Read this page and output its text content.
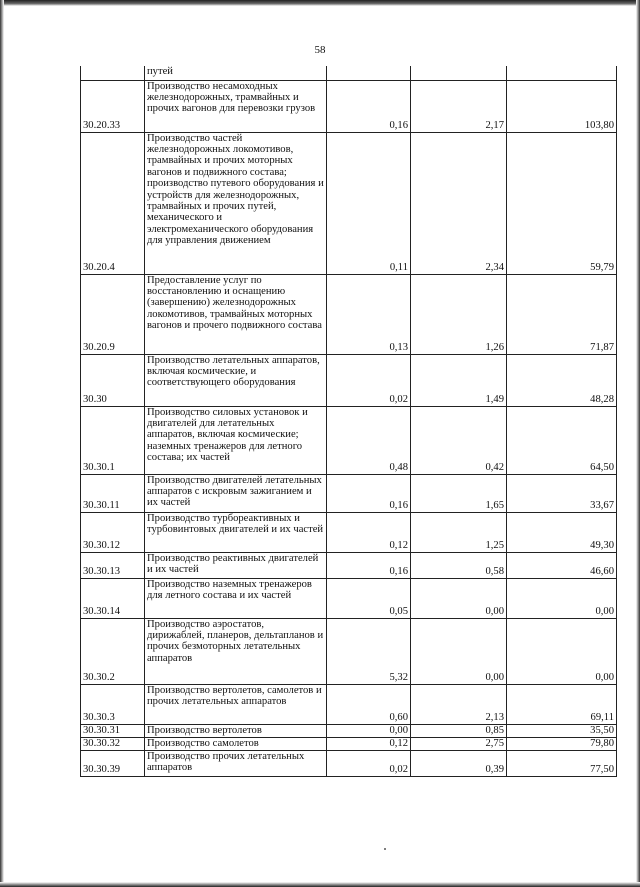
58
	путей			
30.20.33	Производство несамоходных железнодорожных, трамвайных и прочих вагонов для перевозки грузов	0,16	2,17	103,80
30.20.4	Производство частей железнодорожных локомотивов, трамвайных и прочих моторных вагонов и подвижного состава; производство путевого оборудования и устройств для железнодорожных, трамвайных и прочих путей, механического и электромеханического оборудования для управления движением	0,11	2,34	59,79
30.20.9	Предоставление услуг по восстановлению и оснащению (завершению) железнодорожных локомотивов, трамвайных моторных вагонов и прочего подвижного состава	0,13	1,26	71,87
30.30	Производство летательных аппаратов, включая космические, и соответствующего оборудования	0,02	1,49	48,28
30.30.1	Производство силовых установок и двигателей для летательных аппаратов, включая космические; наземных тренажеров для летного состава; их частей	0,48	0,42	64,50
30.30.11	Производство двигателей летательных аппаратов с искровым зажиганием и их частей	0,16	1,65	33,67
30.30.12	Производство турбореактивных и турбовинтовых двигателей и их частей	0,12	1,25	49,30
30.30.13	Производство реактивных двигателей и их частей	0,16	0,58	46,60
30.30.14	Производство наземных тренажеров для летного состава и их частей	0,05	0,00	0,00
30.30.2	Производство аэростатов, дирижаблей, планеров, дельтапланов и прочих безмоторных летательных аппаратов	5,32	0,00	0,00
30.30.3	Производство вертолетов, самолетов и прочих летательных аппаратов	0,60	2,13	69,11
30.30.31	Производство вертолетов	0,00	0,85	35,50
30.30.32	Производство самолетов	0,12	2,75	79,80
30.30.39	Производство прочих летательных аппаратов	0,02	0,39	77,50
